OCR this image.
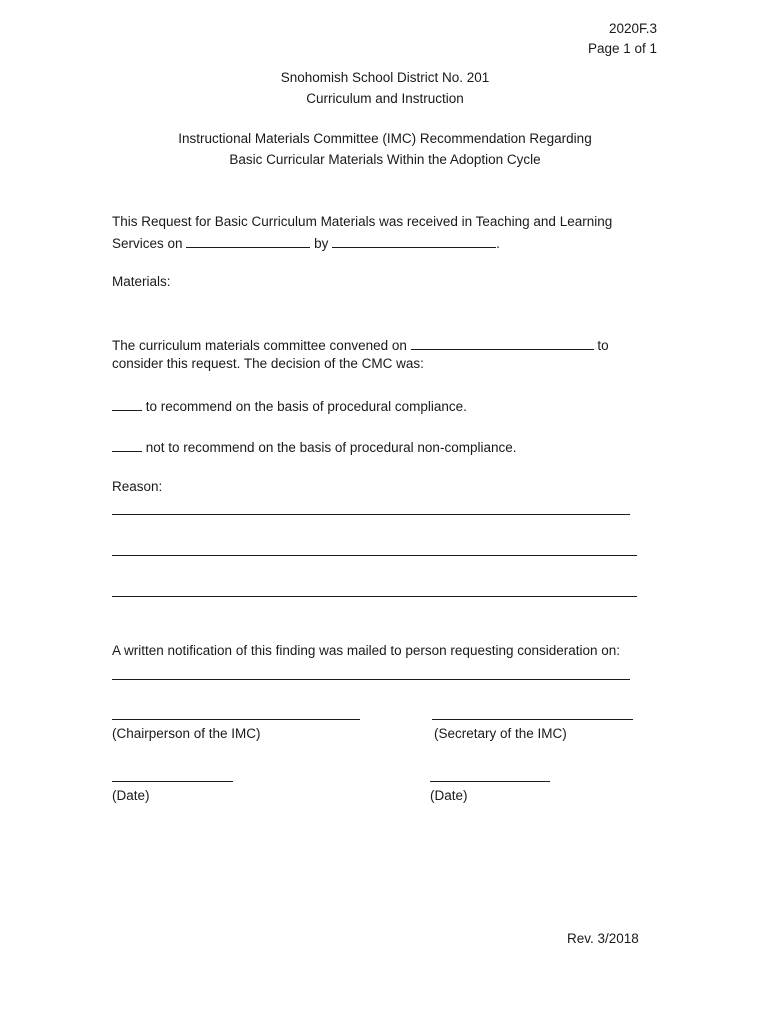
2020F.3
Page 1 of 1
Snohomish School District No. 201
Curriculum and Instruction
Instructional Materials Committee (IMC) Recommendation Regarding
Basic Curricular Materials Within the Adoption Cycle
This Request for Basic Curriculum Materials was received in Teaching and Learning
Services on	by	.
Materials:
The curriculum materials committee convened on	to
consider this request. The decision of the CMC was:
to recommend on the basis of procedural compliance.
not to recommend on the basis of procedural non-compliance.
Reason:
A written notification of this finding was mailed to person requesting consideration on:
(Chairperson of the IMC)	(Secretary of the IMC)
(Date)	(Date)
Rev. 3/2018
